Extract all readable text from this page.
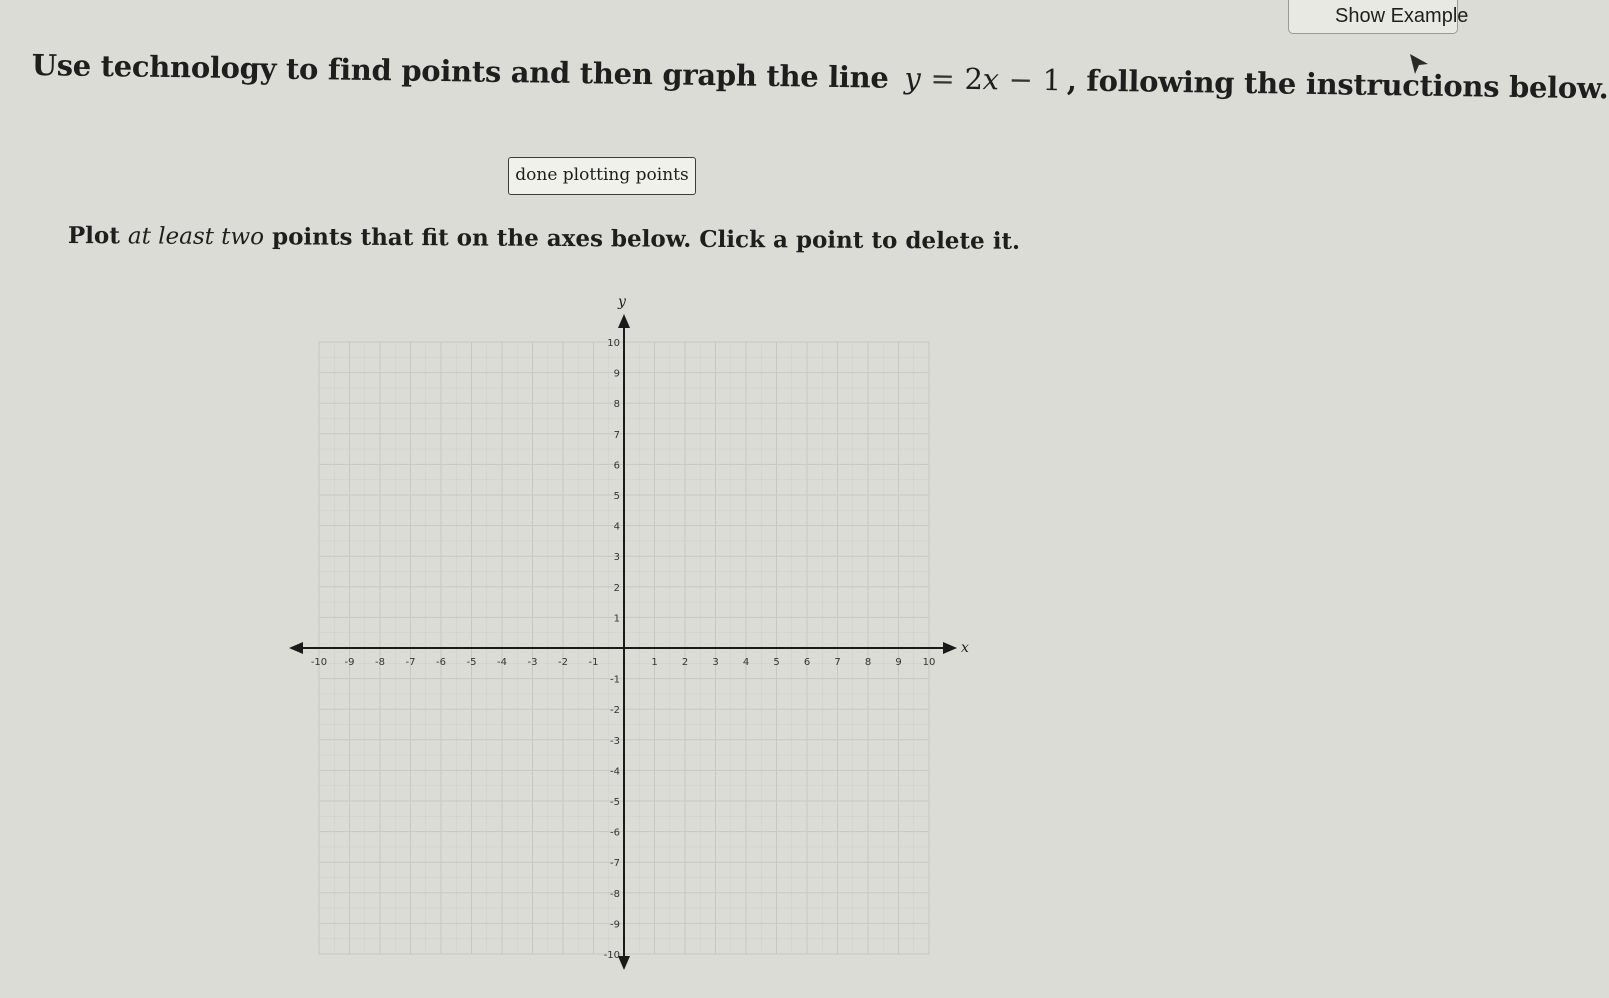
Show Example
Use technology to find points and then graph the line y = 2x − 1 , following the instructions below.
done plotting points
Plot at least two points that fit on the axes below. Click a point to delete it.
x
y
-10 -9 -8 -7 -6 -5 -4 -3 -2 -1	1 2 3 4 5 6 7 8 9 10
10
9
8
7
6
5
4
3
2
1
-1
-2
-3
-4
-5
-6
-7
-8
-9
-10
